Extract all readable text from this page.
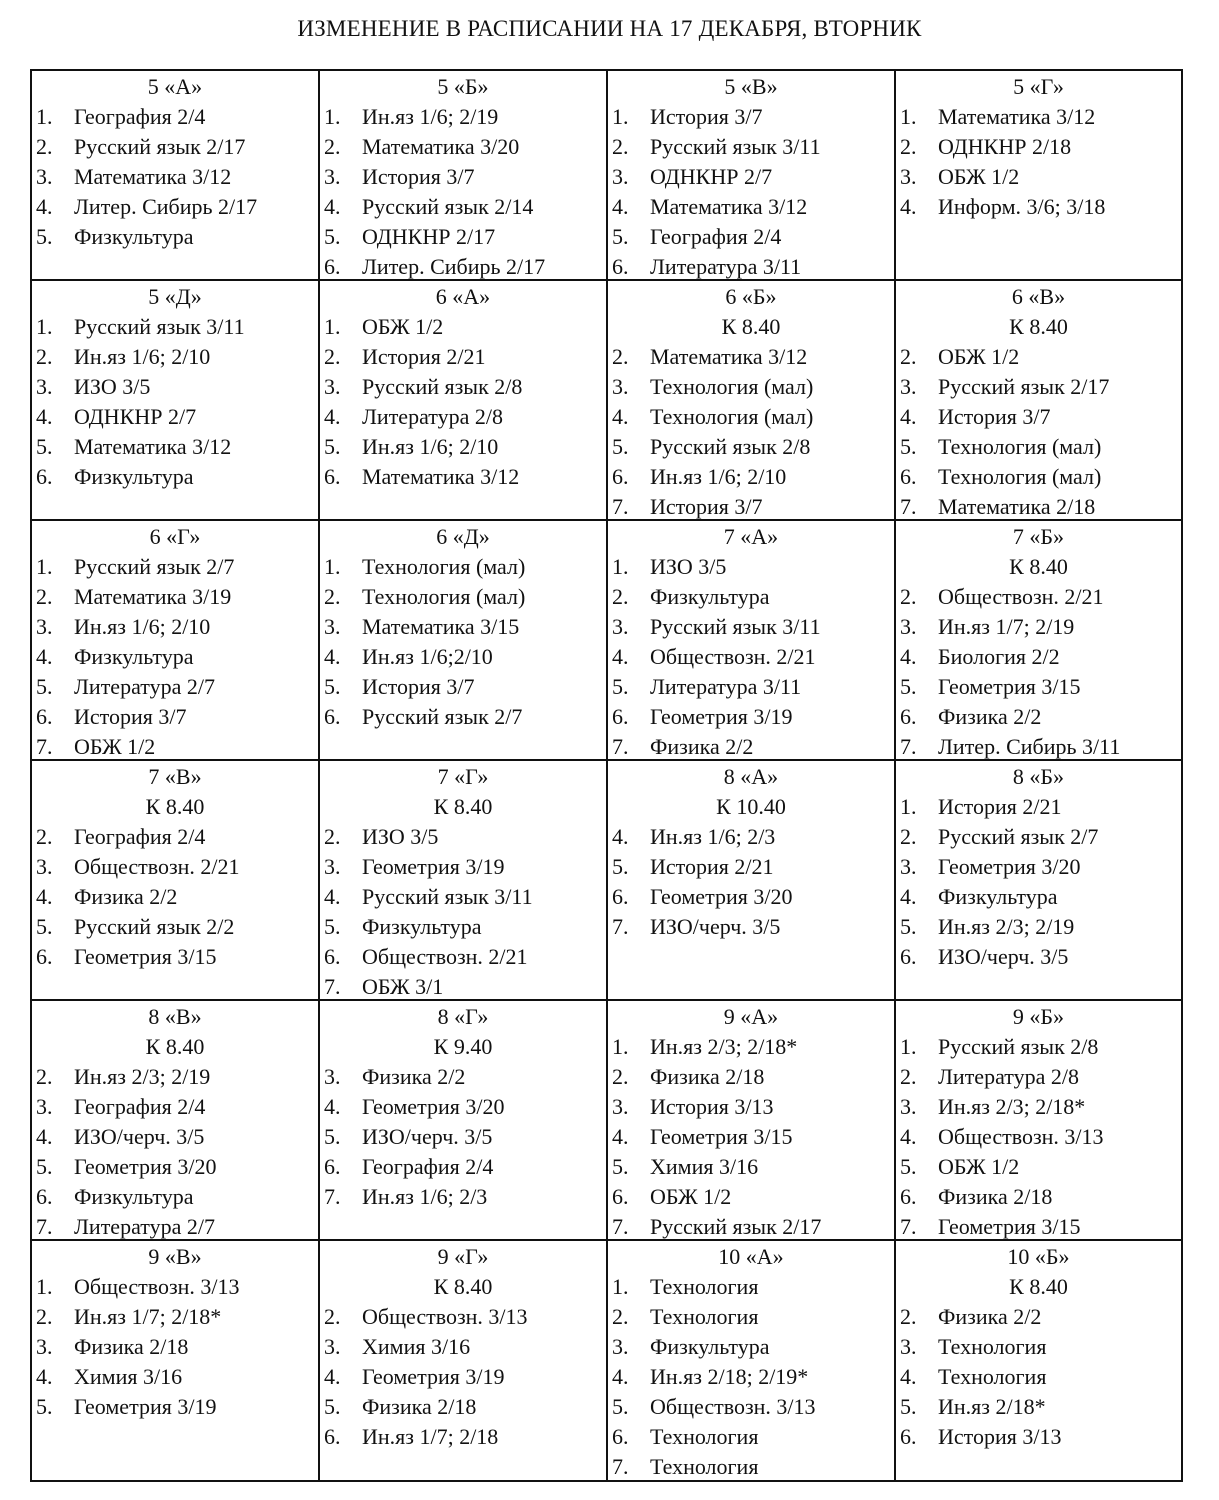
ИЗМЕНЕНИЕ В РАСПИСАНИИ НА 17 ДЕКАБРЯ, ВТОРНИК
5 «А»
1. География 2/4
2. Русский язык 2/17
3. Математика 3/12
4. Литер. Сибирь 2/17
5. Физкультура
5 «Б»
1. Ин.яз 1/6; 2/19
2. Математика 3/20
3. История 3/7
4. Русский язык 2/14
5. ОДНКНР 2/17
6. Литер. Сибирь 2/17
5 «В»
1. История 3/7
2. Русский язык 3/11
3. ОДНКНР 2/7
4. Математика 3/12
5. География 2/4
6. Литература 3/11
5 «Г»
1. Математика 3/12
2. ОДНКНР 2/18
3. ОБЖ 1/2
4. Информ. 3/6; 3/18
5 «Д»
1. Русский язык 3/11
2. Ин.яз 1/6; 2/10
3. ИЗО 3/5
4. ОДНКНР 2/7
5. Математика 3/12
6. Физкультура
6 «А»
1. ОБЖ 1/2
2. История 2/21
3. Русский язык 2/8
4. Литература 2/8
5. Ин.яз 1/6; 2/10
6. Математика 3/12
6 «Б»
К 8.40
2. Математика 3/12
3. Технология (мал)
4. Технология (мал)
5. Русский язык 2/8
6. Ин.яз 1/6; 2/10
7. История 3/7
6 «В»
К 8.40
2. ОБЖ 1/2
3. Русский язык 2/17
4. История 3/7
5. Технология (мал)
6. Технология (мал)
7. Математика 2/18
6 «Г»
1. Русский язык 2/7
2. Математика 3/19
3. Ин.яз 1/6; 2/10
4. Физкультура
5. Литература 2/7
6. История 3/7
7. ОБЖ 1/2
6 «Д»
1. Технология (мал)
2. Технология (мал)
3. Математика 3/15
4. Ин.яз 1/6;2/10
5. История 3/7
6. Русский язык 2/7
7 «А»
1. ИЗО 3/5
2. Физкультура
3. Русский язык 3/11
4. Обществозн. 2/21
5. Литература 3/11
6. Геометрия 3/19
7. Физика 2/2
7 «Б»
К 8.40
2. Обществозн. 2/21
3. Ин.яз 1/7; 2/19
4. Биология 2/2
5. Геометрия 3/15
6. Физика 2/2
7. Литер. Сибирь 3/11
7 «В»
К 8.40
2. География 2/4
3. Обществозн. 2/21
4. Физика 2/2
5. Русский язык 2/2
6. Геометрия 3/15
7 «Г»
К 8.40
2. ИЗО 3/5
3. Геометрия 3/19
4. Русский язык 3/11
5. Физкультура
6. Обществозн. 2/21
7. ОБЖ 3/1
8 «А»
К 10.40
4. Ин.яз 1/6; 2/3
5. История 2/21
6. Геометрия 3/20
7. ИЗО/черч. 3/5
8 «Б»
1. История 2/21
2. Русский язык 2/7
3. Геометрия 3/20
4. Физкультура
5. Ин.яз 2/3; 2/19
6. ИЗО/черч. 3/5
8 «В»
К 8.40
2. Ин.яз 2/3; 2/19
3. География 2/4
4. ИЗО/черч. 3/5
5. Геометрия 3/20
6. Физкультура
7. Литература 2/7
8 «Г»
К 9.40
3. Физика 2/2
4. Геометрия 3/20
5. ИЗО/черч. 3/5
6. География 2/4
7. Ин.яз 1/6; 2/3
9 «А»
1. Ин.яз 2/3; 2/18*
2. Физика 2/18
3. История 3/13
4. Геометрия 3/15
5. Химия 3/16
6. ОБЖ 1/2
7. Русский язык 2/17
9 «Б»
1. Русский язык 2/8
2. Литература 2/8
3. Ин.яз 2/3; 2/18*
4. Обществозн. 3/13
5. ОБЖ 1/2
6. Физика 2/18
7. Геометрия 3/15
9 «В»
1. Обществозн. 3/13
2. Ин.яз 1/7; 2/18*
3. Физика 2/18
4. Химия 3/16
5. Геометрия 3/19
9 «Г»
К 8.40
2. Обществозн. 3/13
3. Химия 3/16
4. Геометрия 3/19
5. Физика 2/18
6. Ин.яз 1/7; 2/18
10 «А»
1. Технология
2. Технология
3. Физкультура
4. Ин.яз 2/18; 2/19*
5. Обществозн. 3/13
6. Технология
7. Технология
10 «Б»
К 8.40
2. Физика 2/2
3. Технология
4. Технология
5. Ин.яз 2/18*
6. История 3/13
